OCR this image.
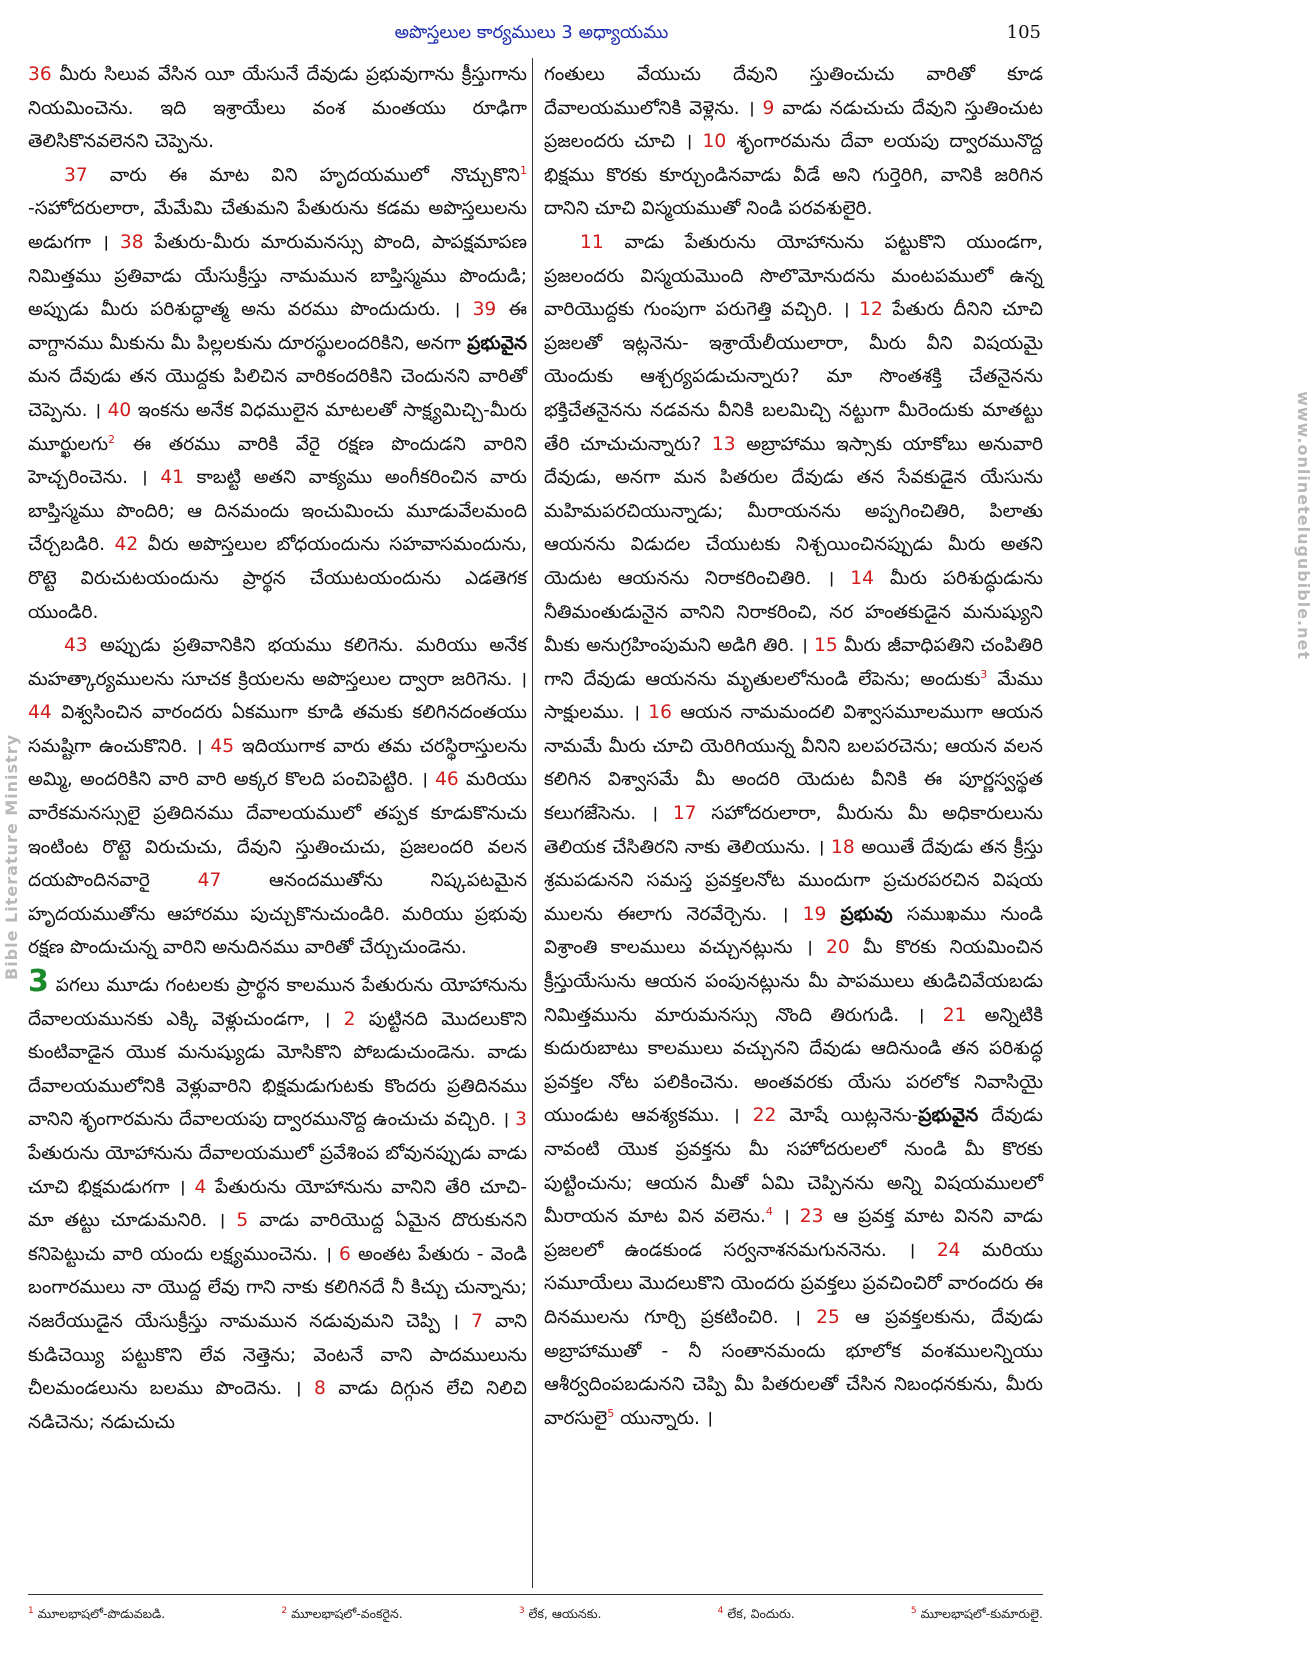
అపొస్తలుల కార్యములు 3 అధ్యాయము	105
Bible Literature Ministry
www.onlinetelugubible.net

36 మీరు సిలువ వేసిన యీ యేసునే దేవుడు ప్రభువుగాను క్రీస్తుగాను నియమించెను. ఇది ఇశ్రాయేలు వంశ మంతయు రూఢిగా తెలిసికొనవలెనని చెప్పెను.

37 వారు ఈ మాట విని హృదయములో నొచ్చుకొని$^1$ -సహోదరులారా, మేమేమి చేతుమని పేతురును కడమ అపొస్తలులను అడుగగా । 38 పేతురు-మీరు మారుమనస్సు పొంది, పాపక్షమాపణ నిమిత్తము ప్రతివాడు యేసుక్రీస్తు నామమున బాప్తిస్మము పొందుడి; అప్పుడు మీరు పరిశుద్ధాత్మ అను వరము పొందుదురు. । 39 ఈ వాగ్దానము మీకును మీ పిల్లలకును దూరస్థులందరికిని, అనగా ప్రభువైన మన దేవుడు తన యొద్దకు పిలిచిన వారికందరికిని చెందునని వారితో చెప్పెను. । 40 ఇంకను అనేక విధములైన మాటలతో సాక్ష్యమిచ్చి-మీరు మూర్ఖులగు$^2$ ఈ తరము వారికి వేరై రక్షణ పొందుడని వారిని హెచ్చరించెను. । 41 కాబట్టి అతని వాక్యము అంగీకరించిన వారు బాప్తిస్మము పొందిరి; ఆ దినమందు ఇంచుమించు మూడువేలమంది చేర్చబడిరి. 42 వీరు అపొస్తలుల బోధయందును సహవాసమందును, రొట్టె విరుచుటయందును ప్రార్థన చేయుటయందును ఎడతెగక యుండిరి.

43 అప్పుడు ప్రతివానికిని భయము కలిగెను. మరియు అనేక మహత్కార్యములను సూచక క్రియలను అపొస్తలుల ద్వారా జరిగెను. । 44 విశ్వసించిన వారందరు ఏకముగా కూడి తమకు కలిగినదంతయు సమష్టిగా ఉంచుకొనిరి. । 45 ఇదియుగాక వారు తమ చరస్థిరాస్తులను అమ్మి, అందరికిని వారి వారి అక్కర కొలది పంచిపెట్టిరి. । 46 మరియు వారేకమనస్సులై ప్రతిదినము దేవాలయములో తప్పక కూడుకొనుచు ఇంటింట రొట్టె విరుచుచు, దేవుని స్తుతించుచు, ప్రజలందరి వలన దయపొందినవారై 47 ఆనందముతోను నిష్కపటమైన హృదయముతోను ఆహారము పుచ్చుకొనుచుండిరి. మరియు ప్రభువు రక్షణ పొందుచున్న వారిని అనుదినము వారితో చేర్చుచుండెను.

3 పగలు మూడు గంటలకు ప్రార్థన కాలమున పేతురును యోహానును దేవాలయమునకు ఎక్కి వెళ్లుచుండగా, । 2 పుట్టినది మొదలుకొని కుంటివాడైన యొక మనుష్యుడు మోసికొని పోబడుచుండెను. వాడు దేవాలయములోనికి వెళ్లువారిని భిక్షమడుగుటకు కొందరు ప్రతిదినము వానిని శృంగారమను దేవాలయపు ద్వారమునొద్ద ఉంచుచు వచ్చిరి. । 3 పేతురును యోహానును దేవాలయములో ప్రవేశింప బోవునప్పుడు వాడు చూచి భిక్షమడుగగా । 4 పేతురును యోహానును వానిని తేరి చూచి-మా తట్టు చూడుమనిరి. । 5 వాడు వారియొద్ద ఏమైన దొరుకునని కనిపెట్టుచు వారి యందు లక్ష్యముంచెను. । 6 అంతట పేతురు - వెండి బంగారములు నా యొద్ద లేవు గాని నాకు కలిగినదే నీ కిచ్చు చున్నాను; నజరేయుడైన యేసుక్రీస్తు నామమున నడువుమని చెప్పి । 7 వాని కుడిచెయ్యి పట్టుకొని లేవ నెత్తెను; వెంటనే వాని పాదములును చీలమండలును బలము పొందెను. । 8 వాడు దిగ్గున లేచి నిలిచి నడిచెను; నడుచుచు

గంతులు వేయుచు దేవుని స్తుతించుచు వారితో కూడ దేవాలయములోనికి వెళ్లెను. । 9 వాడు నడుచుచు దేవుని స్తుతించుట ప్రజలందరు చూచి । 10 శృంగారమను దేవా లయపు ద్వారమునొద్ద భిక్షము కొరకు కూర్చుండినవాడు వీడే అని గుర్తెరిగి, వానికి జరిగిన దానిని చూచి విస్మయముతో నిండి పరవశులైరి.

11 వాడు పేతురును యోహానును పట్టుకొని యుండగా, ప్రజలందరు విస్మయమొంది సొలొమోనుదను మంటపములో ఉన్న వారియొద్దకు గుంపుగా పరుగెత్తి వచ్చిరి. । 12 పేతురు దీనిని చూచి ప్రజలతో ఇట్లనెను- ఇశ్రాయేలీయులారా, మీరు వీని విషయమై యెందుకు ఆశ్చర్యపడుచున్నారు? మా సొంతశక్తి చేతనైనను భక్తిచేతనైనను నడవను వీనికి బలమిచ్చి నట్టుగా మీరెందుకు మాతట్టు తేరి చూచుచున్నారు? 13 అబ్రాహాము ఇస్సాకు యాకోబు అనువారి దేవుడు, అనగా మన పితరుల దేవుడు తన సేవకుడైన యేసును మహిమపరచియున్నాడు; మీరాయనను అప్పగించితిరి, పిలాతు ఆయనను విడుదల చేయుటకు నిశ్చయించినప్పుడు మీరు అతని యెదుట ఆయనను నిరాకరించితిరి. । 14 మీరు పరిశుద్ధుడును నీతిమంతుడునైన వానిని నిరాకరించి, నర హంతకుడైన మనుష్యుని మీకు అనుగ్రహింపుమని అడిగి తిరి. । 15 మీరు జీవాధిపతిని చంపితిరి గాని దేవుడు ఆయనను మృతులలోనుండి లేపెను; అందుకు$^3$ మేము సాక్షులము. । 16 ఆయన నామమందలి విశ్వాసమూలముగా ఆయన నామమే మీరు చూచి యెరిగియున్న వీనిని బలపరచెను; ఆయన వలన కలిగిన విశ్వాసమే మీ అందరి యెదుట వీనికి ఈ పూర్ణస్వస్థత కలుగజేసెను. । 17 సహోదరులారా, మీరును మీ అధికారులును తెలియక చేసితిరని నాకు తెలియును. । 18 అయితే దేవుడు తన క్రీస్తు శ్రమపడునని సమస్త ప్రవక్తలనోట ముందుగా ప్రచురపరచిన విషయ ములను ఈలాగు నెరవేర్చెను. । 19 ప్రభువు సముఖము నుండి విశ్రాంతి కాలములు వచ్చునట్లును । 20 మీ కొరకు నియమించిన క్రీస్తుయేసును ఆయన పంపునట్లును మీ పాపములు తుడిచివేయబడు నిమిత్తమును మారుమనస్సు నొంది తిరుగుడి. । 21 అన్నిటికి కుదురుబాటు కాలములు వచ్చునని దేవుడు ఆదినుండి తన పరిశుద్ధ ప్రవక్తల నోట పలికించెను. అంతవరకు యేసు పరలోక నివాసియై యుండుట ఆవశ్యకము. । 22 మోషే యిట్లనెను-ప్రభువైన దేవుడు నావంటి యొక ప్రవక్తను మీ సహోదరులలో నుండి మీ కొరకు పుట్టించును; ఆయన మీతో ఏమి చెప్పినను అన్ని విషయములలో మీరాయన మాట విన వలెను.$^4$ । 23 ఆ ప్రవక్త మాట వినని వాడు ప్రజలలో ఉండకుండ సర్వనాశనమగుననెను. । 24 మరియు సమూయేలు మొదలుకొని యెందరు ప్రవక్తలు ప్రవచించిరో వారందరు ఈ దినములను గూర్చి ప్రకటించిరి. । 25 ఆ ప్రవక్తలకును, దేవుడు అబ్రాహాముతో - నీ సంతానమందు భూలోక వంశములన్నియు ఆశీర్వదింపబడునని చెప్పి మీ పితరులతో చేసిన నిబంధనకును, మీరు వారసులై$^5$ యున్నారు. ।

$^1$ మూలభాషలో-పొడువబడి.	$^2$ మూలభాషలో-వంకరైన.	$^3$ లేక, ఆయనకు.	$^4$ లేక, విందురు.	$^5$ మూలభాషలో-కుమారులై.
